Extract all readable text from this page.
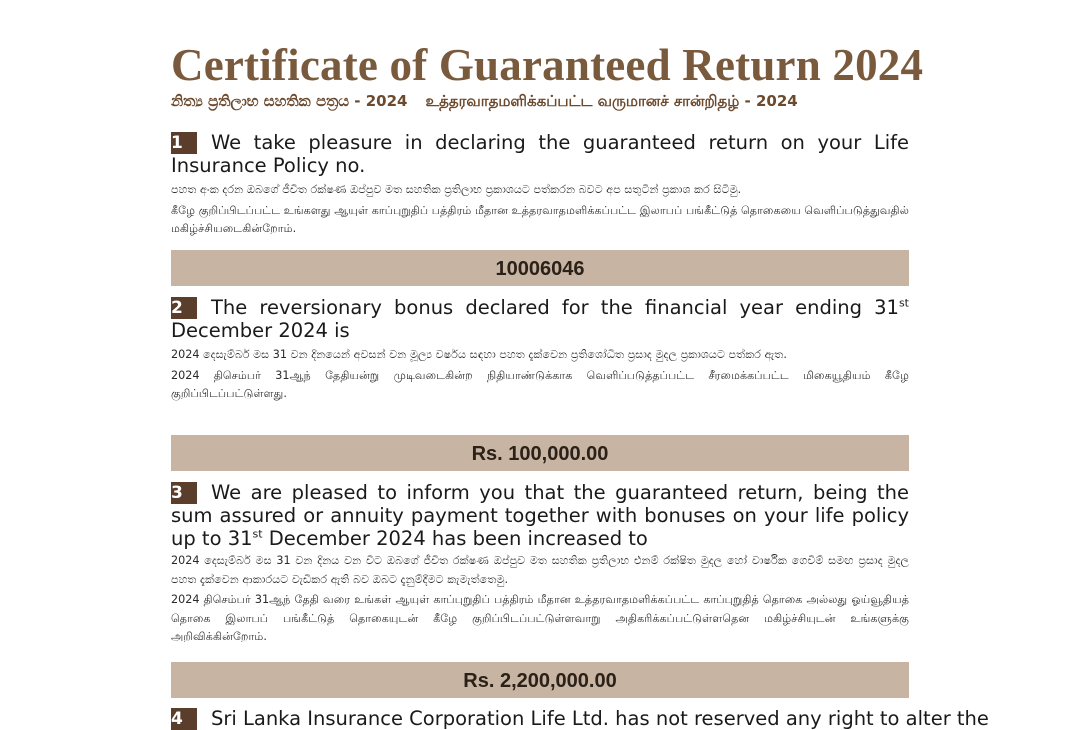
Certificate of Guaranteed Return 2024
නිත්‍ය ප්‍රතිලාභ සහතික පත්‍රය - 2024 உத்தரவாதமளிக்கப்பட்ட வருமானச் சான்றிதழ் - 2024
1 We take pleasure in declaring the guaranteed return on your Life Insurance Policy no.
පහත අංක දරන ඔබගේ ජීවිත රක්ෂණ ඔප්පුව මත සහතික ප්‍රතිලාභ ප්‍රකාශයට පත්කරන බවට අප සතුටින් ප්‍රකාශ කර සිටිමු.
கீழே குறிப்பிடப்பட்ட உங்களது ஆயுள் காப்புறுதிப் பத்திரம் மீதான உத்தரவாதமளிக்கப்பட்ட இலாபப் பங்கீட்டுத் தொகையை வெளிப்படுத்துவதில் மகிழ்ச்சியடைகின்றோம்.
10006046
2 The reversionary bonus declared for the financial year ending 31st December 2024 is
2024 දෙසැම්බර් මස 31 වන දිනයෙන් අවසන් වන මූල්‍ය වර්ෂය සඳහා පහත දැක්වෙන ප්‍රතිශෝධිත ප්‍රසාද මුදල ප්‍රකාශයට පත්කර ඇත.
2024 திசெம்பர் 31ஆந் தேதியன்று முடிவடைகின்ற நிதியாண்டுக்காக வெளிப்படுத்தப்பட்ட சீரமைக்கப்பட்ட மிகையூதியம் கீழே குறிப்பிடப்பட்டுள்ளது.
Rs. 100,000.00
3 We are pleased to inform you that the guaranteed return, being the sum assured or annuity payment together with bonuses on your life policy up to 31st December 2024 has been increased to
2024 දෙසැම්බර් මස 31 වන දිනය වන විට ඔබගේ ජීවිත රක්ෂණ ඔප්පුව මත සහතික ප්‍රතිලාභ එනම් රක්ෂිත මුදල හෝ වාර්ෂික ගෙවීම් සමඟ ප්‍රසාද මුදල පහත දැක්වෙන ආකාරයට වැඩිකර ඇති බව ඔබට දැනුම්දීමට කැමැත්තෙමු.
2024 திசெம்பர் 31ஆந் தேதி வரை உங்கள் ஆயுள் காப்புறுதிப் பத்திரம் மீதான உத்தரவாதமளிக்கப்பட்ட காப்புறுதித் தொகை அல்லது ஓய்வூதியத் தொகை இலாபப் பங்கீட்டுத் தொகையுடன் கீழே குறிப்பிடப்பட்டுள்ளவாறு அதிகரிக்கப்பட்டுள்ளதென மகிழ்ச்சியுடன் உங்களுக்கு அறிவிக்கின்றோம்.
Rs. 2,200,000.00
4 Sri Lanka Insurance Corporation Life Ltd. has not reserved any right to alter the
